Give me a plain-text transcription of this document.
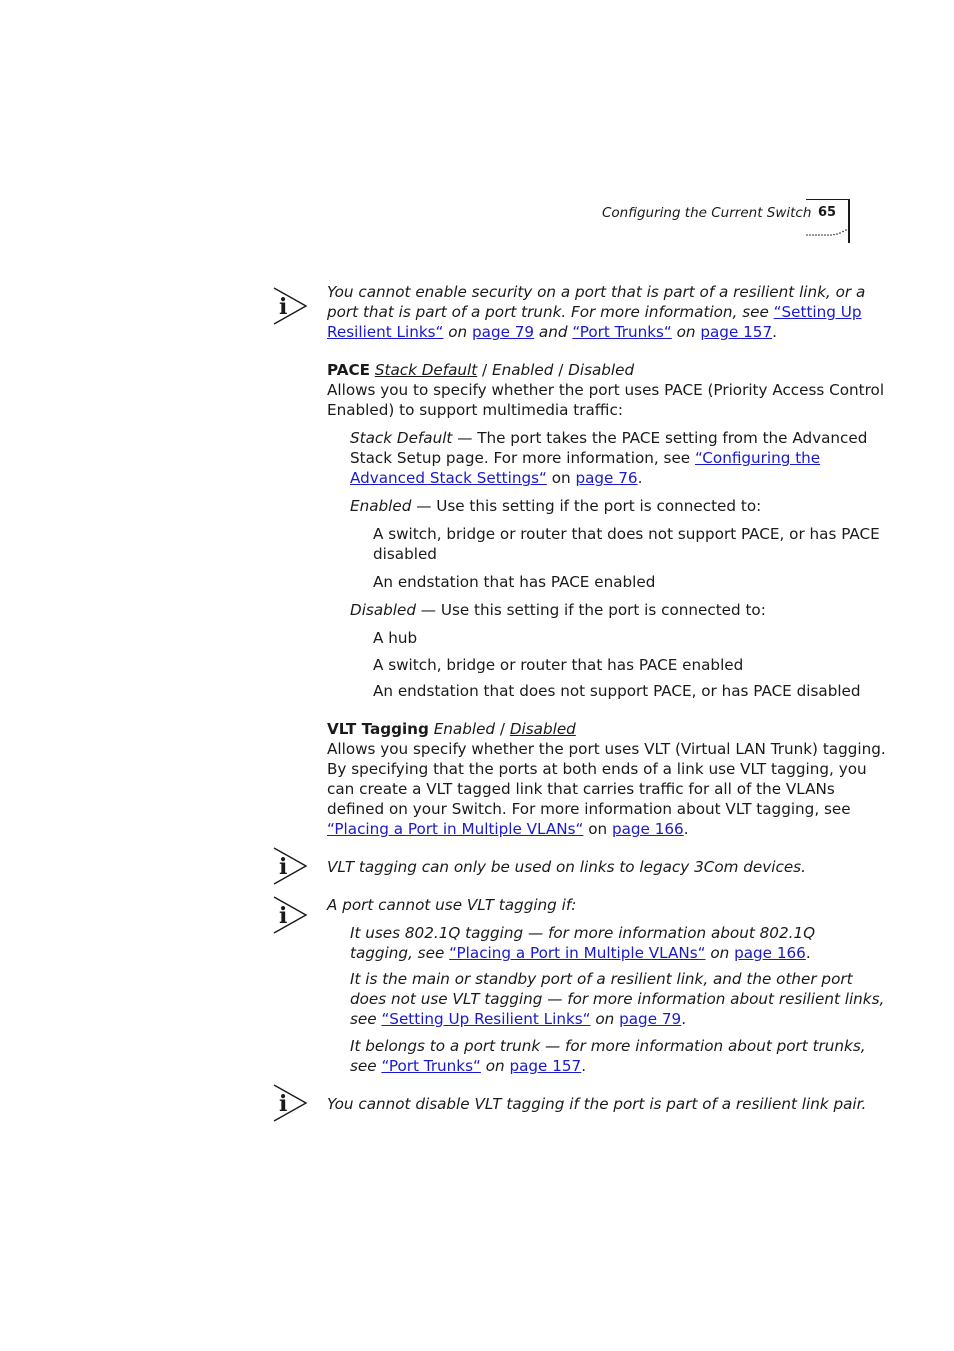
Configuring the Current Switch 65
i
You cannot enable security on a port that is part of a resilient link, or a
port that is part of a port trunk. For more information, see “Setting Up
Resilient Links“ on page 79 and “Port Trunks“ on page 157.
PACE Stack Default / Enabled / Disabled
Allows you to specify whether the port uses PACE (Priority Access Control
Enabled) to support multimedia traffic:
Stack Default — The port takes the PACE setting from the Advanced
Stack Setup page. For more information, see “Configuring the
Advanced Stack Settings“ on page 76.
Enabled — Use this setting if the port is connected to:
A switch, bridge or router that does not support PACE, or has PACE
disabled
An endstation that has PACE enabled
Disabled — Use this setting if the port is connected to:
A hub
A switch, bridge or router that has PACE enabled
An endstation that does not support PACE, or has PACE disabled
VLT Tagging Enabled / Disabled
Allows you specify whether the port uses VLT (Virtual LAN Trunk) tagging.
By specifying that the ports at both ends of a link use VLT tagging, you
can create a VLT tagged link that carries traffic for all of the VLANs
defined on your Switch. For more information about VLT tagging, see
“Placing a Port in Multiple VLANs“ on page 166.
i	VLT tagging can only be used on links to legacy 3Com devices.
i	A port cannot use VLT tagging if:
It uses 802.1Q tagging — for more information about 802.1Q
tagging, see “Placing a Port in Multiple VLANs“ on page 166.
It is the main or standby port of a resilient link, and the other port
does not use VLT tagging — for more information about resilient links,
see “Setting Up Resilient Links“ on page 79.
It belongs to a port trunk — for more information about port trunks,
see “Port Trunks“ on page 157.
i	You cannot disable VLT tagging if the port is part of a resilient link pair.
